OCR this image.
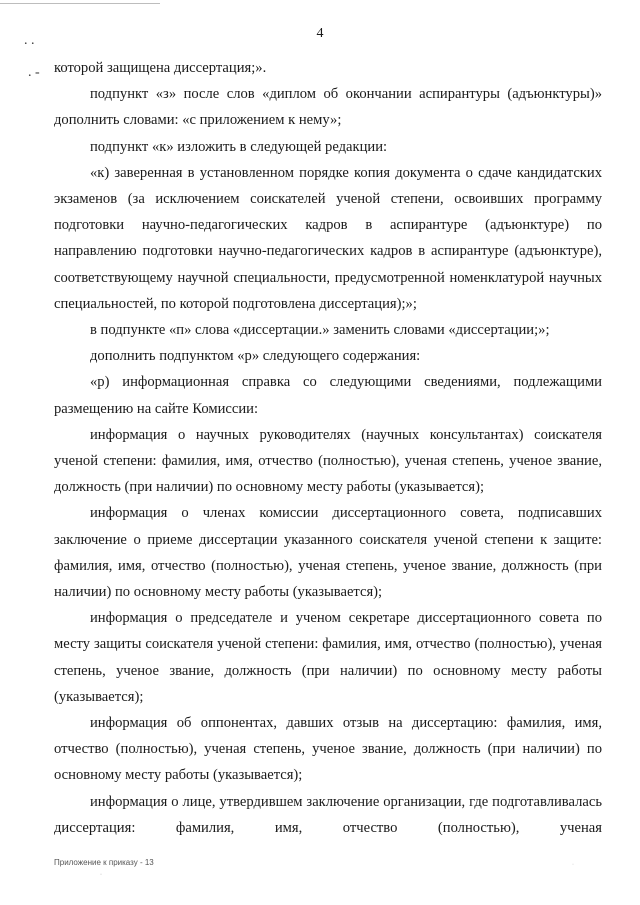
. .
. -
4

которой защищена диссертация;».

подпункт «з» после слов «диплом об окончании аспирантуры (адъюнктуры)» дополнить словами: «с приложением к нему»;

подпункт «к» изложить в следующей редакции:

«к) заверенная в установленном порядке копия документа о сдаче кандидатских экзаменов (за исключением соискателей ученой степени, освоивших программу подготовки научно-педагогических кадров в аспирантуре (адъюнктуре) по направлению подготовки научно-педагогических кадров в аспирантуре (адъюнктуре), соответствующему научной специальности, предусмотренной номенклатурой научных специальностей, по которой подготовлена диссертация);»;

в подпункте «п» слова «диссертации.» заменить словами «диссертации;»;

дополнить подпунктом «р» следующего содержания:

«р) информационная справка со следующими сведениями, подлежащими размещению на сайте Комиссии:

информация о научных руководителях (научных консультантах) соискателя ученой степени: фамилия, имя, отчество (полностью), ученая степень, ученое звание, должность (при наличии) по основному месту работы (указывается);

информация о членах комиссии диссертационного совета, подписавших заключение о приеме диссертации указанного соискателя ученой степени к защите: фамилия, имя, отчество (полностью), ученая степень, ученое звание, должность (при наличии) по основному месту работы (указывается);

информация о председателе и ученом секретаре диссертационного совета по месту защиты соискателя ученой степени: фамилия, имя, отчество (полностью), ученая степень, ученое звание, должность (при наличии) по основному месту работы (указывается);

информация об оппонентах, давших отзыв на диссертацию: фамилия, имя, отчество (полностью), ученая степень, ученое звание, должность (при наличии) по основному месту работы (указывается);

информация о лице, утвердившем заключение организации, где подготавливалась диссертация: фамилия, имя, отчество (полностью), ученая

Приложение к приказу - 13
·
·
